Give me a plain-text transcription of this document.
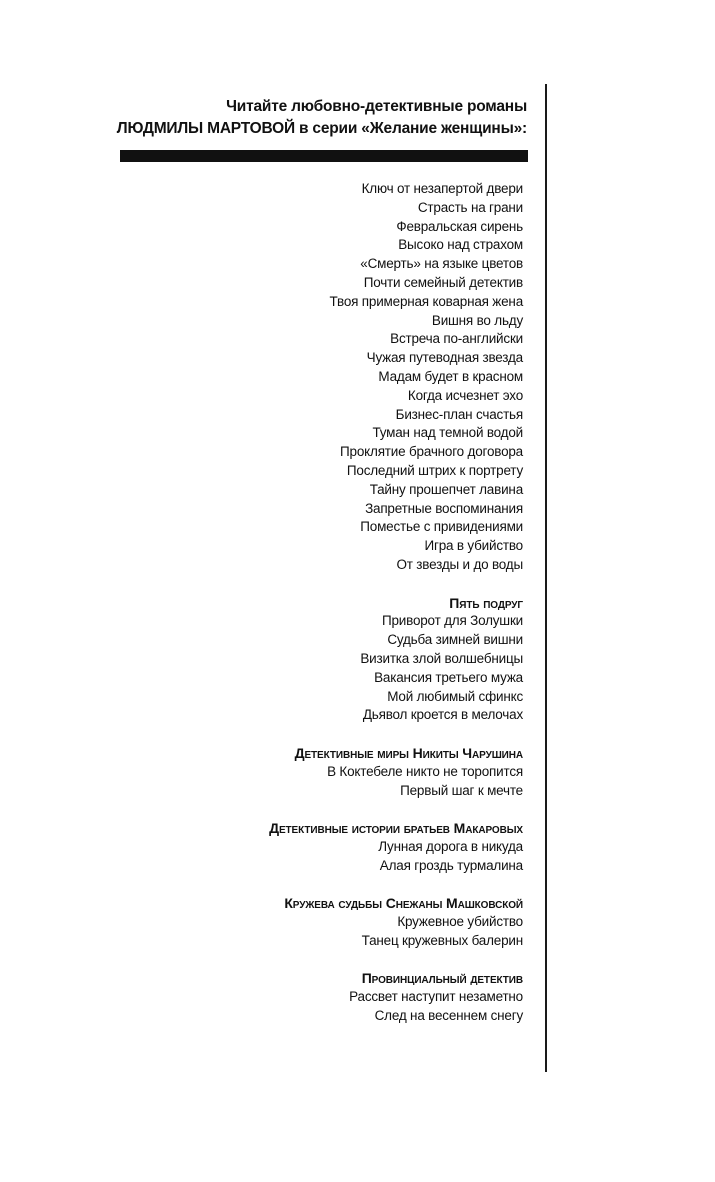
Читайте любовно-детективные романы
ЛЮДМИЛЫ МАРТОВОЙ в серии «Желание женщины»:
Ключ от незапертой двери
Страсть на грани
Февральская сирень
Высоко над страхом
«Смерть» на языке цветов
Почти семейный детектив
Твоя примерная коварная жена
Вишня во льду
Встреча по-английски
Чужая путеводная звезда
Мадам будет в красном
Когда исчезнет эхо
Бизнес-план счастья
Туман над темной водой
Проклятие брачного договора
Последний штрих к портрету
Тайну прошепчет лавина
Запретные воспоминания
Поместье с привидениями
Игра в убийство
От звезды и до воды
Пять подруг
Приворот для Золушки
Судьба зимней вишни
Визитка злой волшебницы
Вакансия третьего мужа
Мой любимый сфинкс
Дьявол кроется в мелочах
Детективные миры Никиты Чарушина
В Коктебеле никто не торопится
Первый шаг к мечте
Детективные истории братьев Макаровых
Лунная дорога в никуда
Алая гроздь турмалина
Кружева судьбы Снежаны Машковской
Кружевное убийство
Танец кружевных балерин
Провинциальный детектив
Рассвет наступит незаметно
След на весеннем снегу
